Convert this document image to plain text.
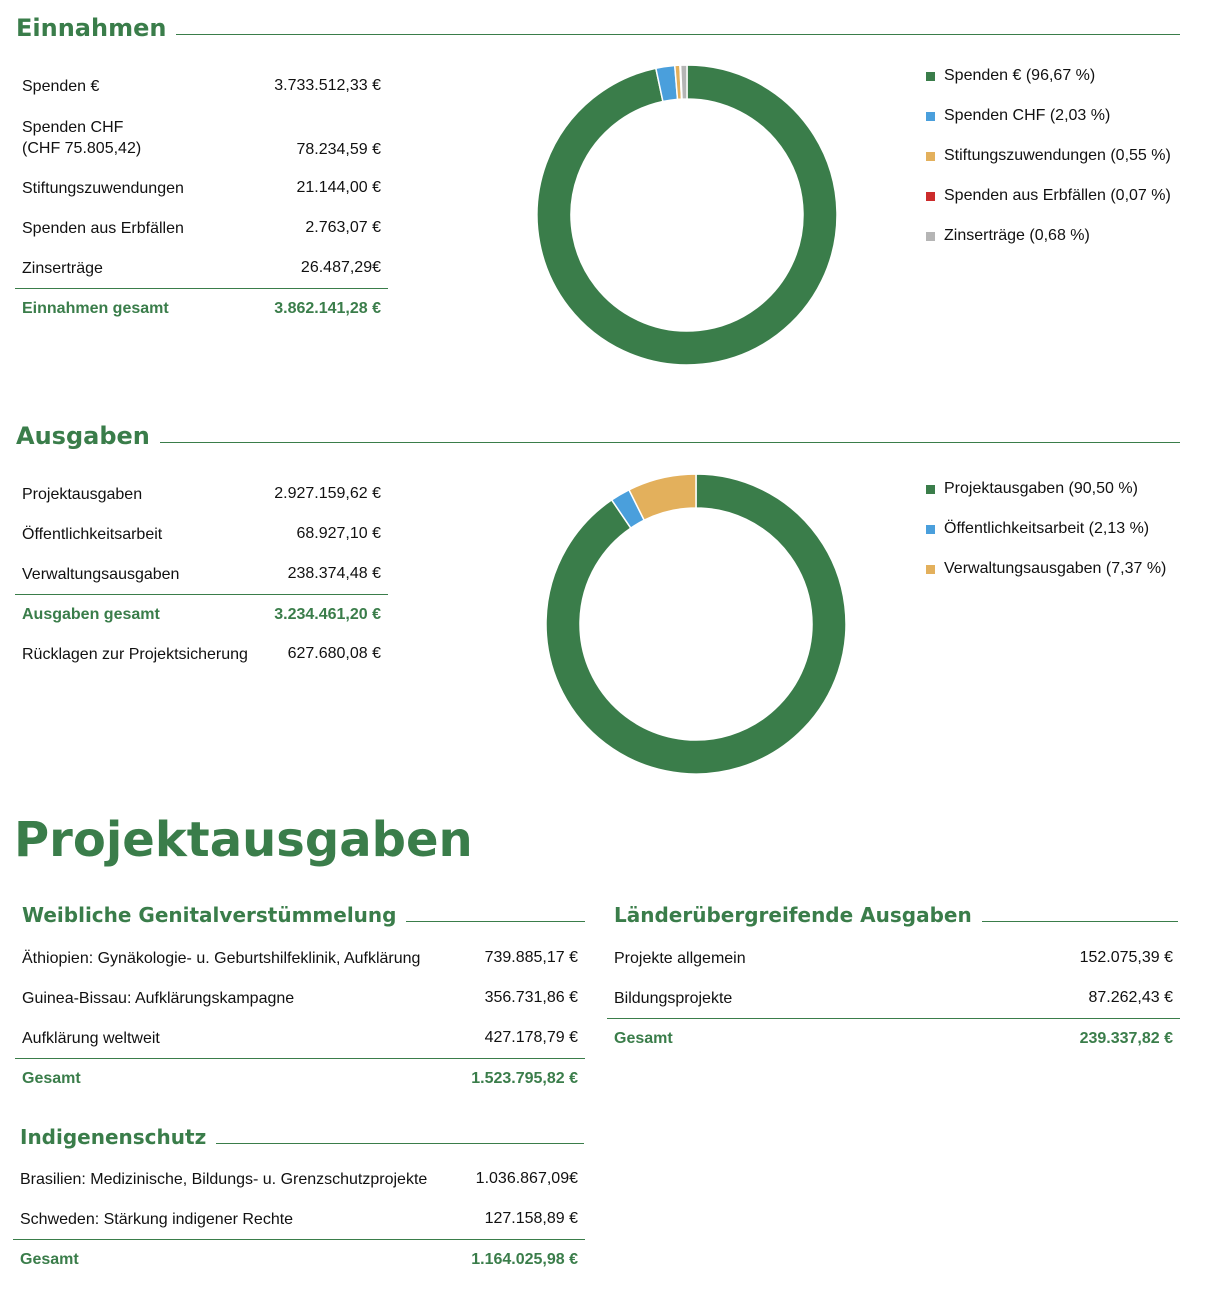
Einnahmen
Spenden €	3.733.512,33 €
Spenden CHF
(CHF 75.805,42)	78.234,59 €
Stiftungszuwendungen	21.144,00 €
Spenden aus Erbfällen	2.763,07 €
Zinserträge	26.487,29€
Einnahmen gesamt	3.862.141,28 €
Spenden € (96,67 %)
Spenden CHF (2,03 %)
Stiftungszuwendungen (0,55 %)
Spenden aus Erbfällen (0,07 %)
Zinserträge (0,68 %)
Ausgaben
Projektausgaben	2.927.159,62 €
Öffentlichkeitsarbeit	68.927,10 €
Verwaltungsausgaben	238.374,48 €
Ausgaben gesamt	3.234.461,20 €
Rücklagen zur Projektsicherung 627.680,08 €
Projektausgaben (90,50 %)
Öffentlichkeitsarbeit (2,13 %)
Verwaltungsausgaben (7,37 %)
Projektausgaben
Weibliche Genitalverstümmelung
Äthiopien: Gynäkologie- u. Geburtshilfeklinik, Aufklärung	739.885,17 €
Guinea-Bissau: Aufklärungskampagne	356.731,86 €
Aufklärung weltweit	427.178,79 €
Gesamt	1.523.795,82 €
Indigenenschutz
Brasilien: Medizinische, Bildungs- u. Grenzschutzprojekte	1.036.867,09€
Schweden: Stärkung indigener Rechte	127.158,89 €
Gesamt	1.164.025,98 €
Länderübergreifende Ausgaben
Projekte allgemein	152.075,39 €
Bildungsprojekte	87.262,43 €
Gesamt	239.337,82 €
